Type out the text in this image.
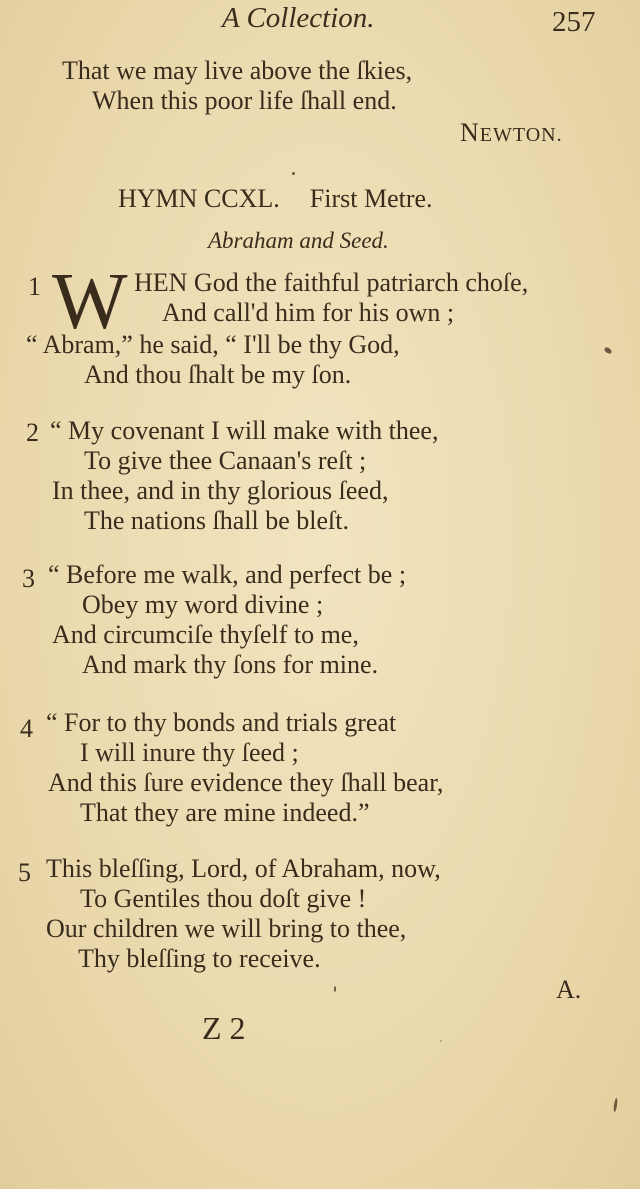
A Collection.	257
That we may live above the ſkies,
When this poor life ſhall end.
NEWTON.
HYMN CCXL. First Metre.
Abraham and Seed.
1 W HEN God the faithful patriarch choſe,
And call'd him for his own ;
“ Abram,” he said, “ I'll be thy God,
And thou ſhalt be my ſon.
2 “ My covenant I will make with thee,
To give thee Canaan's reſt ;
In thee, and in thy glorious ſeed,
The nations ſhall be bleſt.
3 “ Before me walk, and perfect be ;
Obey my word divine ;
And circumciſe thyſelf to me,
And mark thy ſons for mine.
4 “ For to thy bonds and trials great
I will inure thy ſeed ;
And this ſure evidence they ſhall bear,
That they are mine indeed.”
5 This bleſſing, Lord, of Abraham, now,
To Gentiles thou doſt give !
Our children we will bring to thee,
Thy bleſſing to receive.
A.
Z 2
